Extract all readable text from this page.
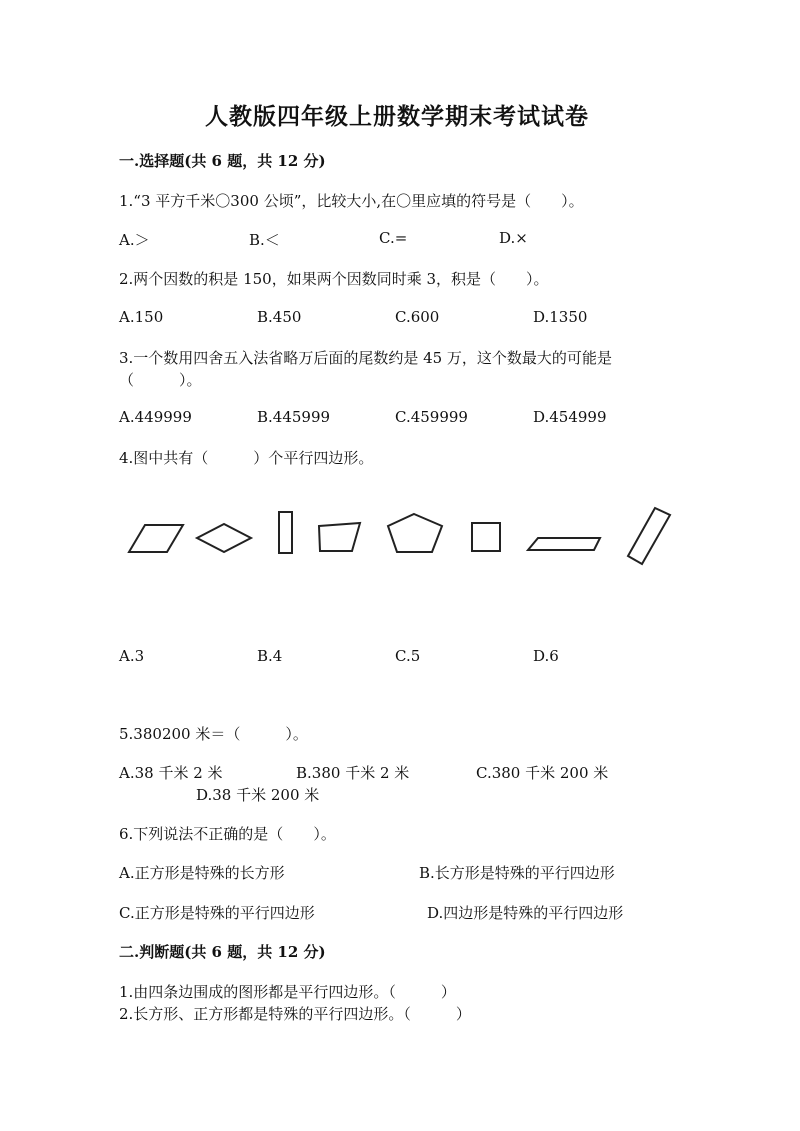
人教版四年级上册数学期末考试试卷
一.选择题(共 6 题，共 12 分)
1.“3 平方千米〇300 公顷”，比较大小,在〇里应填的符号是（　　）。
A.＞	B.＜	C.=	D.×
2.两个因数的积是 150，如果两个因数同时乘 3，积是（　　）。
A.150	B.450	C.600	D.1350
3.一个数用四舍五入法省略万后面的尾数约是 45 万，这个数最大的可能是
（　　　）。
A.449999	B.445999	C.459999	D.454999
4.图中共有（　　　）个平行四边形。
A.3	B.4	C.5	D.6
5.380200 米＝（　　　）。
A.38 千米 2 米	B.380 千米 2 米	C.380 千米 200 米
D.38 千米 200 米
6.下列说法不正确的是（　　）。
A.正方形是特殊的长方形	B.长方形是特殊的平行四边形
C.正方形是特殊的平行四边形	D.四边形是特殊的平行四边形
二.判断题(共 6 题，共 12 分)
1.由四条边围成的图形都是平行四边形。（　　　）
2.长方形、正方形都是特殊的平行四边形。（　　　）
